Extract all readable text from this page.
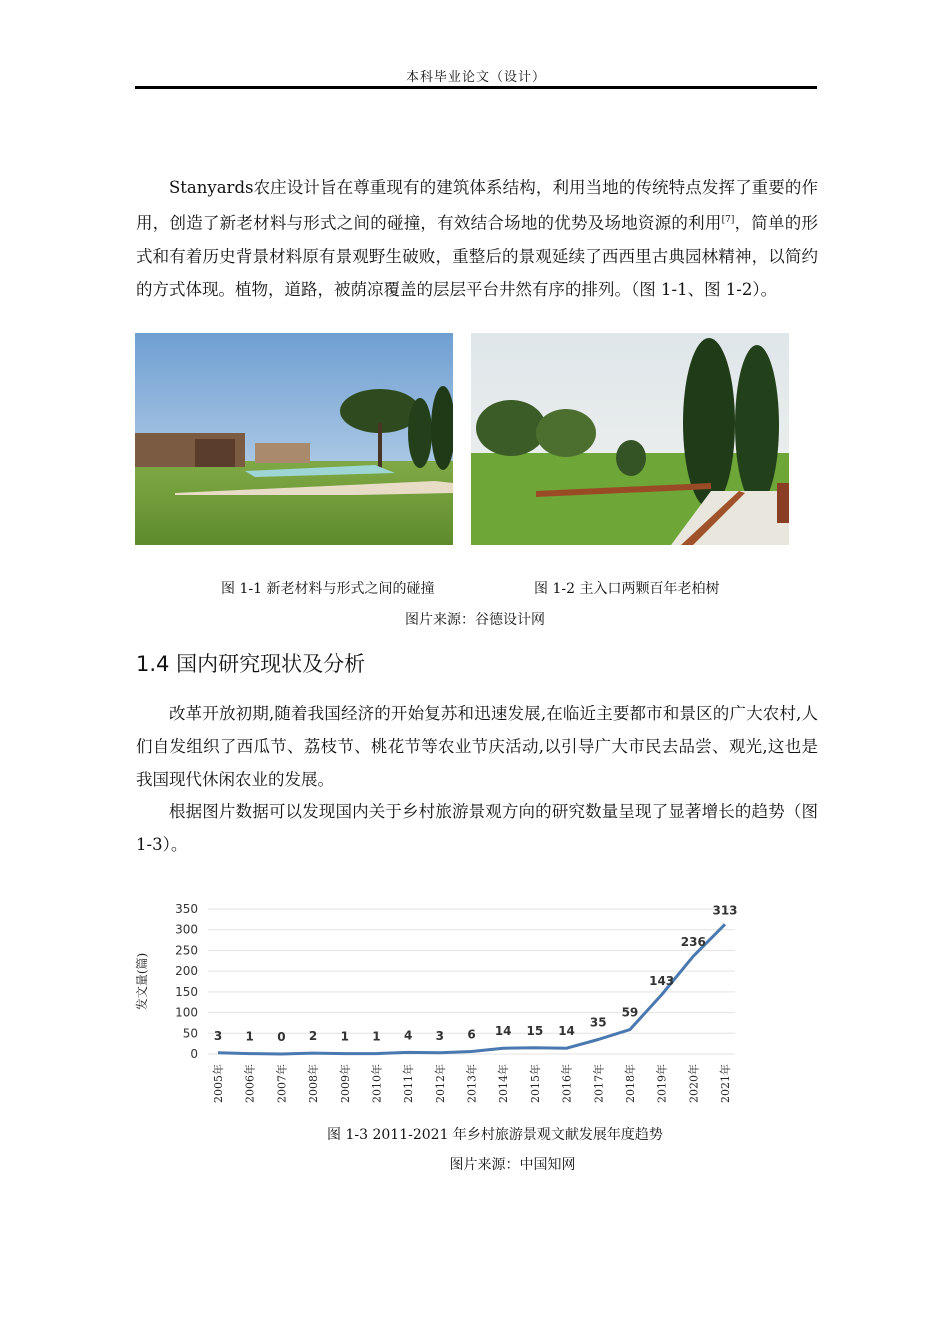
本科毕业论文（设计）

Stanyards农庄设计旨在尊重现有的建筑体系结构，利用当地的传统特点发挥了重要的作用，创造了新老材料与形式之间的碰撞，有效结合场地的优势及场地资源的利用[7]，简单的形式和有着历史背景材料原有景观野生破败，重整后的景观延续了西西里古典园林精神，以简约的方式体现。植物，道路，被荫凉覆盖的层层平台井然有序的排列。（图 1-1、图 1-2）。

图 1-1 新老材料与形式之间的碰撞	图 1-2 主入口两颗百年老柏树
图片来源：谷德设计网
1.4 国内研究现状及分析

改革开放初期,随着我国经济的开始复苏和迅速发展,在临近主要都市和景区的广大农村,人们自发组织了西瓜节、荔枝节、桃花节等农业节庆活动,以引导广大市民去品尝、观光,这也是我国现代休闲农业的发展。

根据图片数据可以发现国内关于乡村旅游景观方向的研究数量呈现了显著增长的趋势（图 1-3）。

0
50
100
150
200
250
300
350
发文量(篇)
2005年 2006年 2007年 2008年 2009年 2010年 2011年 2012年 2013年 2014年 2015年 2016年 2017年 2018年 2019年 2020年 2021年
3 1 0 2 1 1 4 3 6 14 15 14
35
59
143
236
313
图 1-3 2011-2021 年乡村旅游景观文献发展年度趋势
图片来源：中国知网
